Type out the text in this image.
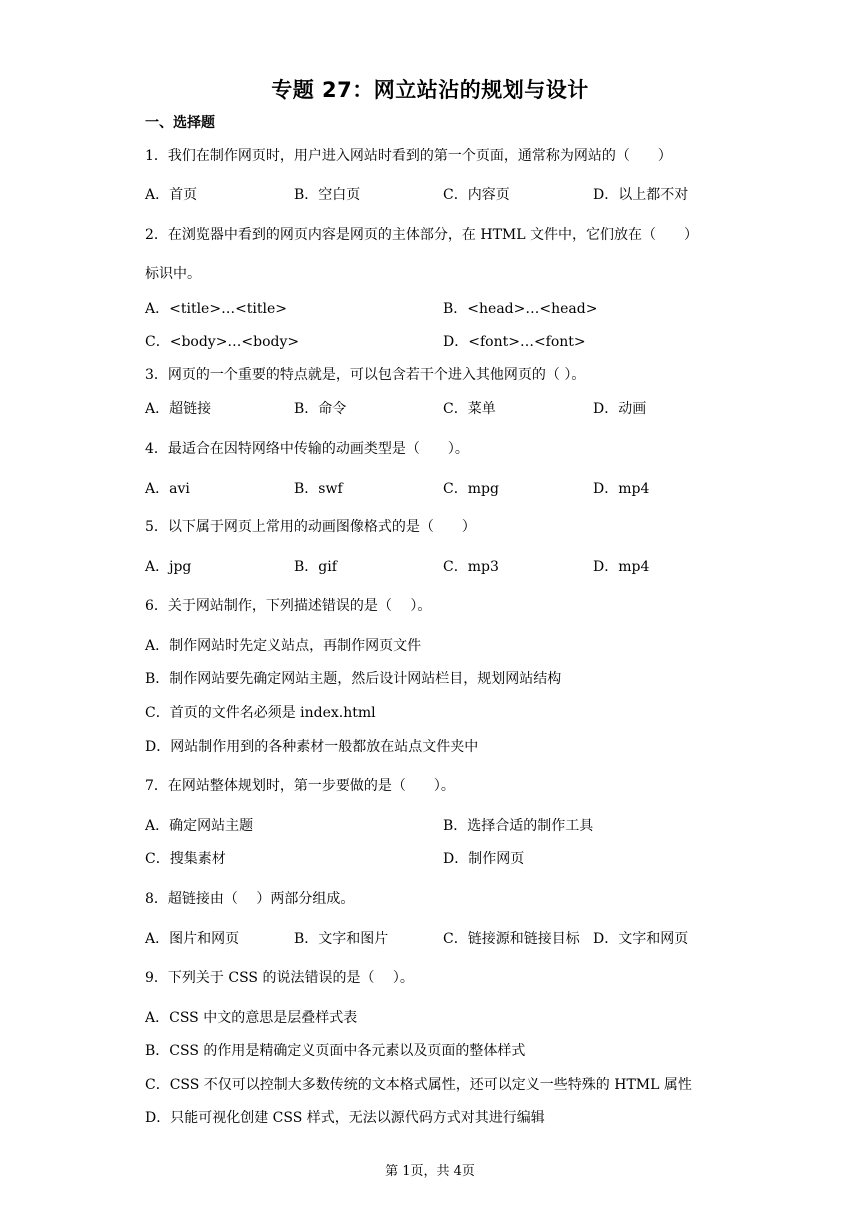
专题 27：网立站沾的规划与设计
一、选择题
1．我们在制作网页时，用户进入网站时看到的第一个页面，通常称为网站的（　　）
A．首页	B．空白页	C．内容页	D．以上都不对
2．在浏览器中看到的网页内容是网页的主体部分，在 HTML 文件中，它们放在（　　）
标识中。
A．<title>…<title>	B．<head>…<head>
C．<body>…<body>	D．<font>…<font>
3．网页的一个重要的特点就是，可以包含若干个进入其他网页的（ ）。
A．超链接	B．命令	C．菜单	D．动画
4．最适合在因特网络中传输的动画类型是（　　）。
A．avi	B．swf	C．mpg	D．mp4
5．以下属于网页上常用的动画图像格式的是（　　）
A．jpg	B．gif	C．mp3	D．mp4
6．关于网站制作，下列描述错误的是（　 ）。
A．制作网站时先定义站点，再制作网页文件
B．制作网站要先确定网站主题，然后设计网站栏目，规划网站结构
C．首页的文件名必须是 index.html
D．网站制作用到的各种素材一般都放在站点文件夹中
7．在网站整体规划时，第一步要做的是（　　）。
A．确定网站主题	B．选择合适的制作工具
C．搜集素材	D．制作网页
8．超链接由（　 ）两部分组成。
A．图片和网页	B．文字和图片	C．链接源和链接目标 D．文字和网页
9．下列关于 CSS 的说法错误的是（　 ）。
A．CSS 中文的意思是层叠样式表
B．CSS 的作用是精确定义页面中各元素以及页面的整体样式
C．CSS 不仅可以控制大多数传统的文本格式属性，还可以定义一些特殊的 HTML 属性
D．只能可视化创建 CSS 样式，无法以源代码方式对其进行编辑
第 1页，共 4页
